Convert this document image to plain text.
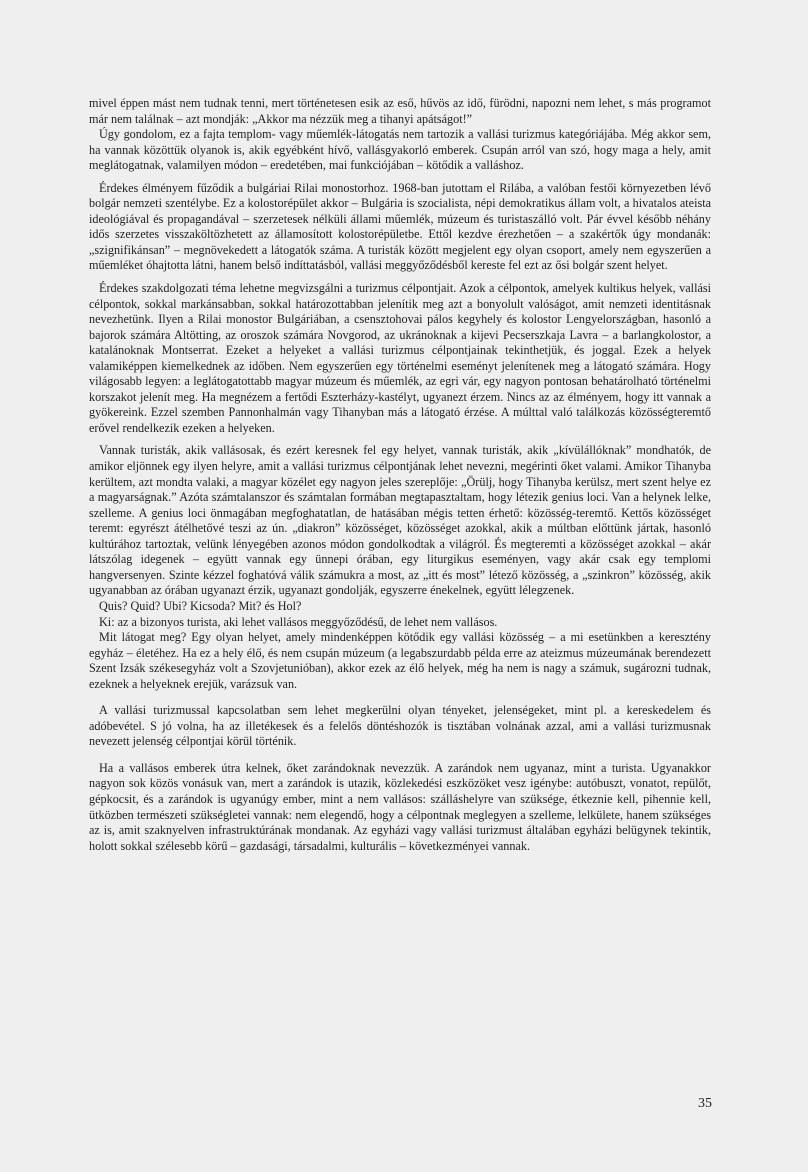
mivel éppen mást nem tudnak tenni, mert történetesen esik az eső, hűvös az idő, fürödni, napozni nem lehet, s más programot már nem találnak – azt mondják: „Akkor ma nézzük meg a tihanyi apátságot!”

Úgy gondolom, ez a fajta templom- vagy műemlék-látogatás nem tartozik a vallási turizmus kategóriájába. Még akkor sem, ha vannak közöttük olyanok is, akik egyébként hívő, vallásgyakorló emberek. Csupán arról van szó, hogy maga a hely, amit meglátogatnak, valamilyen módon – eredetében, mai funkciójában – kötődik a valláshoz.

Érdekes élményem fűződik a bulgáriai Rilai monostorhoz. 1968-ban jutottam el Rilába, a valóban festői környezetben lévő bolgár nemzeti szentélybe. Ez a kolostorépület akkor – Bulgária is szocialista, népi demokratikus állam volt, a hivatalos ateista ideológiával és propagandával – szerzetesek nélküli állami műemlék, múzeum és turistaszálló volt. Pár évvel később néhány idős szerzetes visszaköltözhetett az államosított kolostorépületbe. Ettől kezdve érezhetően – a szakértők úgy mondanák: „szignifikánsan” – megnövekedett a látogatók száma. A turisták között megjelent egy olyan csoport, amely nem egyszerűen a műemléket óhajtotta látni, hanem belső indíttatásból, vallási meggyőződésből kereste fel ezt az ősi bolgár szent helyet.

Érdekes szakdolgozati téma lehetne megvizsgálni a turizmus célpontjait. Azok a célpontok, amelyek kultikus helyek, vallási célpontok, sokkal markánsabban, sokkal határozottabban jelenítik meg azt a bonyolult valóságot, amit nemzeti identitásnak nevezhetünk. Ilyen a Rilai monostor Bulgáriában, a csensztohovai pálos kegyhely és kolostor Lengyelországban, hasonló a bajorok számára Altötting, az oroszok számára Novgorod, az ukránoknak a kijevi Pecserszkaja Lavra – a barlangkolostor, a katalánoknak Montserrat. Ezeket a helyeket a vallási turizmus célpontjainak tekinthetjük, és joggal. Ezek a helyek valamiképpen kiemelkednek az időben. Nem egyszerűen egy történelmi eseményt jelenítenek meg a látogató számára. Hogy világosabb legyen: a leglátogatottabb magyar múzeum és műemlék, az egri vár, egy nagyon pontosan behatárolható történelmi korszakot jelenít meg. Ha megnézem a fertődi Eszterházy-kastélyt, ugyanezt érzem. Nincs az az élményem, hogy itt vannak a gyökereink. Ezzel szemben Pannonhalmán vagy Tihanyban más a látogató érzése. A múlttal való találkozás közösségteremtő erővel rendelkezik ezeken a helyeken.

Vannak turisták, akik vallásosak, és ezért keresnek fel egy helyet, vannak turisták, akik „kívülállóknak” mondhatók, de amikor eljönnek egy ilyen helyre, amit a vallási turizmus célpontjának lehet nevezni, megérinti őket valami. Amikor Tihanyba kerültem, azt mondta valaki, a magyar közélet egy nagyon jeles szereplője: „Örülj, hogy Tihanyba kerülsz, mert szent helye ez a magyarságnak.” Azóta számtalanszor és számtalan formában megtapasztaltam, hogy létezik genius loci. Van a helynek lelke, szelleme. A genius loci önmagában megfoghatatlan, de hatásában mégis tetten érhető: közösség-teremtő. Kettős közösséget teremt: egyrészt átélhetővé teszi az ún. „diakron” közösséget, közösséget azokkal, akik a múltban előttünk jártak, hasonló kultúrához tartoztak, velünk lényegében azonos módon gondolkodtak a világról. És megteremti a közösséget azokkal – akár látszólag idegenek – együtt vannak egy ünnepi órában, egy liturgikus eseményen, vagy akár csak egy templomi hangversenyen. Szinte kézzel foghatóvá válik számukra a most, az „itt és most” létező közösség, a „szinkron” közösség, akik ugyanabban az órában ugyanazt érzik, ugyanazt gondolják, egyszerre énekelnek, együtt lélegzenek.

Quis? Quid? Ubi? Kicsoda? Mit? és Hol?

Ki: az a bizonyos turista, aki lehet vallásos meggyőződésű, de lehet nem vallásos.

Mit látogat meg? Egy olyan helyet, amely mindenképpen kötődik egy vallási közösség – a mi esetünkben a keresztény egyház – életéhez. Ha ez a hely élő, és nem csupán múzeum (a legabszurdabb példa erre az ateizmus múzeumának berendezett Szent Izsák székesegyház volt a Szovjetunióban), akkor ezek az élő helyek, még ha nem is nagy a számuk, sugározni tudnak, ezeknek a helyeknek erejük, varázsuk van.

A vallási turizmussal kapcsolatban sem lehet megkerülni olyan tényeket, jelenségeket, mint pl. a kereskedelem és adóbevétel. S jó volna, ha az illetékesek és a felelős döntéshozók is tisztában volnának azzal, ami a vallási turizmusnak nevezett jelenség célpontjai körül történik.

Ha a vallásos emberek útra kelnek, őket zarándoknak nevezzük. A zarándok nem ugyanaz, mint a turista. Ugyanakkor nagyon sok közös vonásuk van, mert a zarándok is utazik, közlekedési eszközöket vesz igénybe: autóbuszt, vonatot, repülőt, gépkocsit, és a zarándok is ugyanúgy ember, mint a nem vallásos: szálláshelyre van szüksége, étkeznie kell, pihennie kell, ütközben természeti szükségletei vannak: nem elegendő, hogy a célpontnak meglegyen a szelleme, lelkülete, hanem szükséges az is, amit szaknyelven infrastruktúrának mondanak. Az egyházi vagy vallási turizmust általában egyházi belügynek tekintik, holott sokkal szélesebb körű – gazdasági, társadalmi, kulturális – következményei vannak.

35
